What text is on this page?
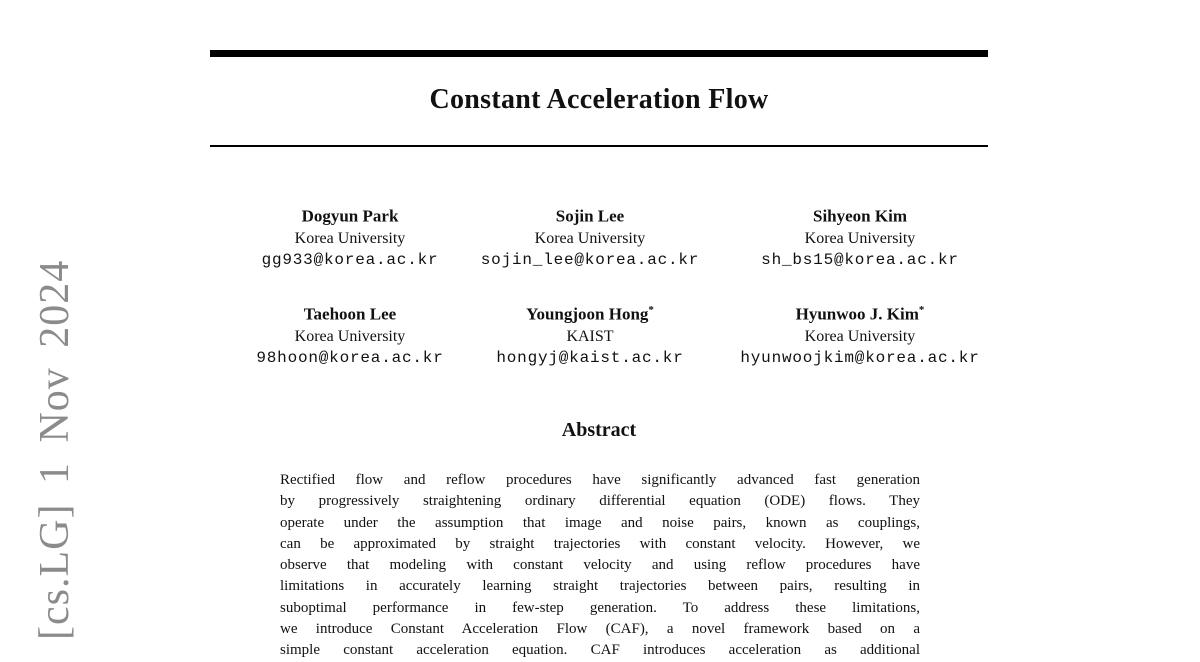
[cs.LG] 1 Nov 2024
Constant Acceleration Flow
Dogyun Park
Korea University
gg933@korea.ac.kr
Sojin Lee
Korea University
sojin_lee@korea.ac.kr
Sihyeon Kim
Korea University
sh_bs15@korea.ac.kr
Taehoon Lee
Korea University
98hoon@korea.ac.kr
Youngjoon Hong*
KAIST
hongyj@kaist.ac.kr
Hyunwoo J. Kim*
Korea University
hyunwoojkim@korea.ac.kr
Abstract
Rectified flow and reflow procedures have significantly advanced fast generation
by progressively straightening ordinary differential equation (ODE) flows. They
operate under the assumption that image and noise pairs, known as couplings,
can be approximated by straight trajectories with constant velocity. However, we
observe that modeling with constant velocity and using reflow procedures have
limitations in accurately learning straight trajectories between pairs, resulting in
suboptimal performance in few-step generation. To address these limitations,
we introduce Constant Acceleration Flow (CAF), a novel framework based on a
simple constant acceleration equation. CAF introduces acceleration as additional
